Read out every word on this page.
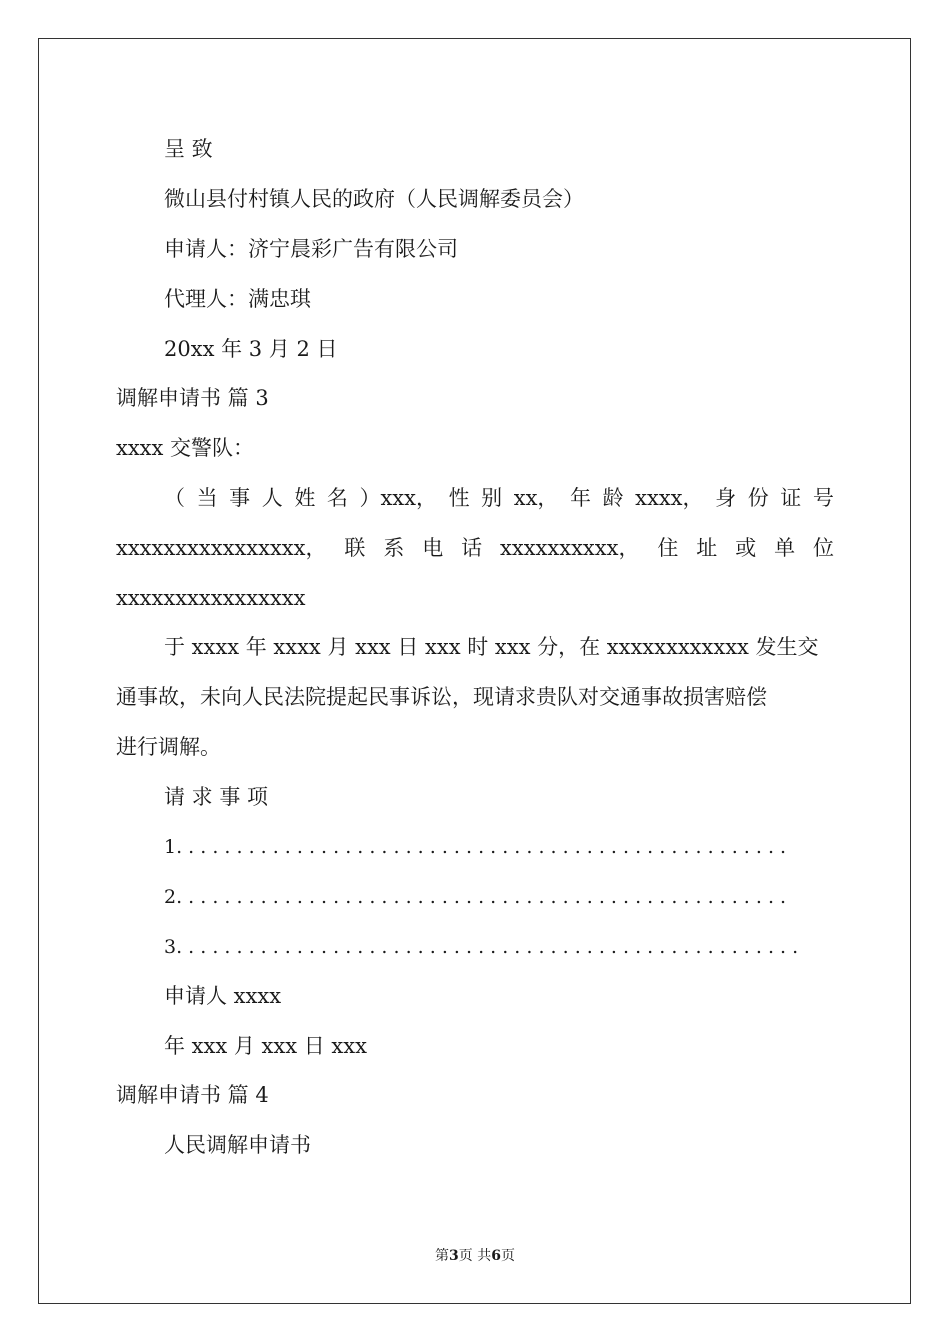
呈 致
微山县付村镇人民的政府（人民调解委员会）
申请人：济宁晨彩广告有限公司
代理人：满忠琪
20xx 年 3 月 2 日
调解申请书 篇 3
xxxx 交警队：
（ 当 事 人 姓 名 ）xxx， 性 别 xx， 年 龄 xxxx， 身 份 证 号
xxxxxxxxxxxxxxxx， 联 系 电 话 xxxxxxxxxx， 住 址 或 单 位
xxxxxxxxxxxxxxxx
于 xxxx 年 xxxx 月 xxx 日 xxx 时 xxx 分，在 xxxxxxxxxxxx 发生交
通事故，未向人民法院提起民事诉讼，现请求贵队对交通事故损害赔偿
进行调解。
请 求 事 项
1. . . . . . . . . . . . . . . . . . . . . . . . . . . . . . . . . . . . . . . . . . . . . . . . . . .
2. . . . . . . . . . . . . . . . . . . . . . . . . . . . . . . . . . . . . . . . . . . . . . . . . . .
3. . . . . . . . . . . . . . . . . . . . . . . . . . . . . . . . . . . . . . . . . . . . . . . . . . . .
申请人 xxxx
年 xxx 月 xxx 日 xxx
调解申请书 篇 4
人民调解申请书
第3页 共6页
